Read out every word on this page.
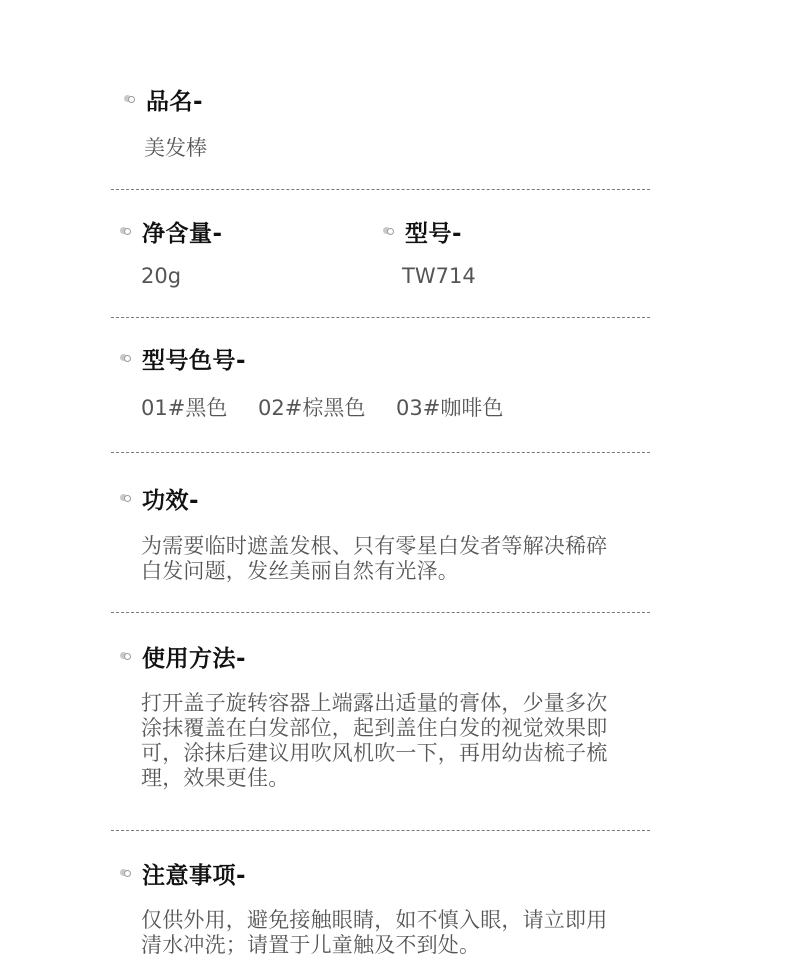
品名-
美发棒
净含量-
20g
型号-
TW714
型号色号-
01#黑色 02#棕黑色 03#咖啡色
功效-
为需要临时遮盖发根、只有零星白发者等解决稀碎
白发问题，发丝美丽自然有光泽。
使用方法-
打开盖子旋转容器上端露出适量的膏体，少量多次
涂抹覆盖在白发部位，起到盖住白发的视觉效果即
可，涂抹后建议用吹风机吹一下，再用幼齿梳子梳
理，效果更佳。
注意事项-
仅供外用，避免接触眼睛，如不慎入眼，请立即用
清水冲洗；请置于儿童触及不到处。
